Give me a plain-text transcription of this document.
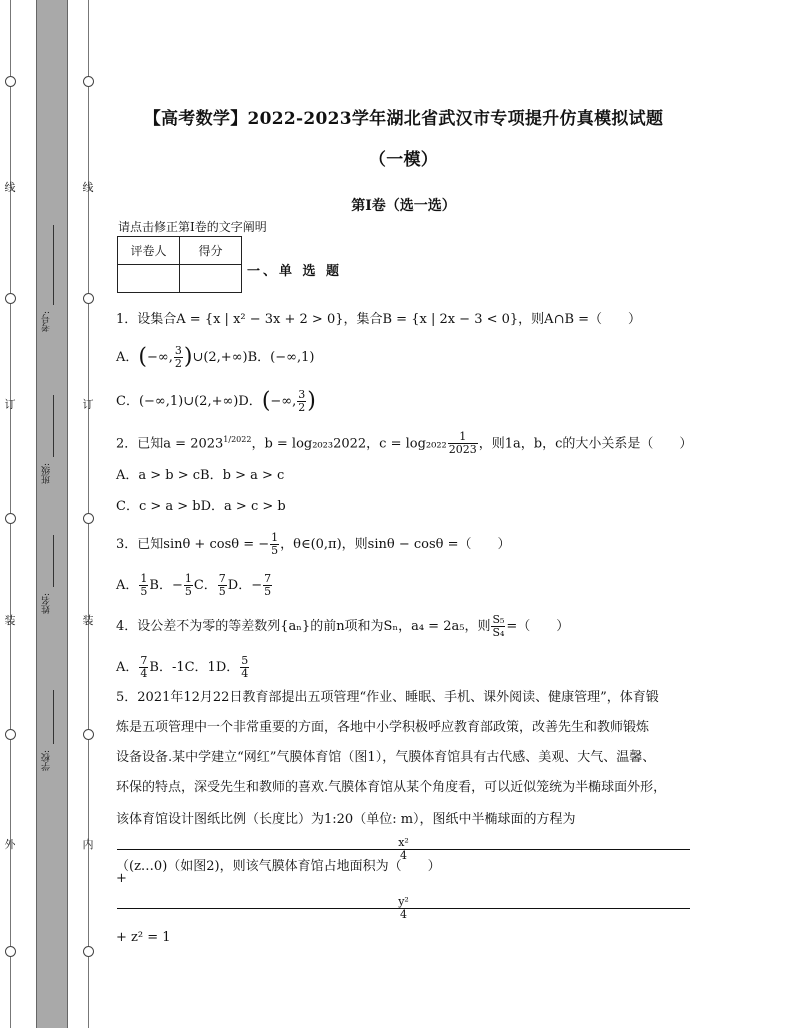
线
订
装
外
线
订
装
内
考号:
班级:
姓名:
学校:
【高考数学】2022-2023学年湖北省武汉市专项提升仿真模拟试题
（一模）
第I卷（选一选）
请点击修正第I卷的文字阐明
评卷人	得分

一、单 选 题
1．设集合A = {x | x² − 3x + 2 > 0}，集合B = {x | 2x − 3 < 0}，则A∩B =（　　）
A．(−∞, $\frac{3}{2}$ )∪(2,+∞)B．(−∞,1)
C．(−∞,1)∪(2,+∞)D．(−∞, $\frac{3}{2}$ )
2．已知$a = 2023^{1/2022}$，b = log₂₀₂₃2022，$c = \log_{2022} \frac{1}{2023}$ ，则1a，b，c的大小关系是（　　）
A．a > b > cB．b > a > c
C．c > a > bD．a > c > b
3．已知sinθ + cosθ = − $\frac{1}{5}$ ，θ∈(0,π)，则sinθ − cosθ =（　　）
A． $\frac{1}{5}$ B．− $\frac{1}{5}$ C． $\frac{7}{5}$ D．− $\frac{7}{5}$
4．设公差不为零的等差数列{aₙ}的前n项和为Sₙ，a₄ = 2a₅，则 $\frac{\text{S₅}}{\text{S₄}}$ =（　　）
A． $\frac{7}{4}$ B．-1C．1D． $\frac{5}{4}$
5．2021年12月22日教育部提出五项管理“作业、睡眠、手机、课外阅读、健康管理”，体育锻
炼是五项管理中一个非常重要的方面，各地中小学积极呼应教育部政策，改善先生和教师锻炼
设备设备.某中学建立“网红”气膜体育馆（图1），气膜体育馆具有古代感、美观、大气、温馨、
环保的特点，深受先生和教师的喜欢.气膜体育馆从某个角度看，可以近似笼统为半椭球面外形，
该体育馆设计图纸比例（长度比）为1:20（单位: m），图纸中半椭球面的方程为
x²
4
+
y²
4
+ z² = 1
（(z…0)（如图2)，则该气膜体育馆占地面积为（　　）
